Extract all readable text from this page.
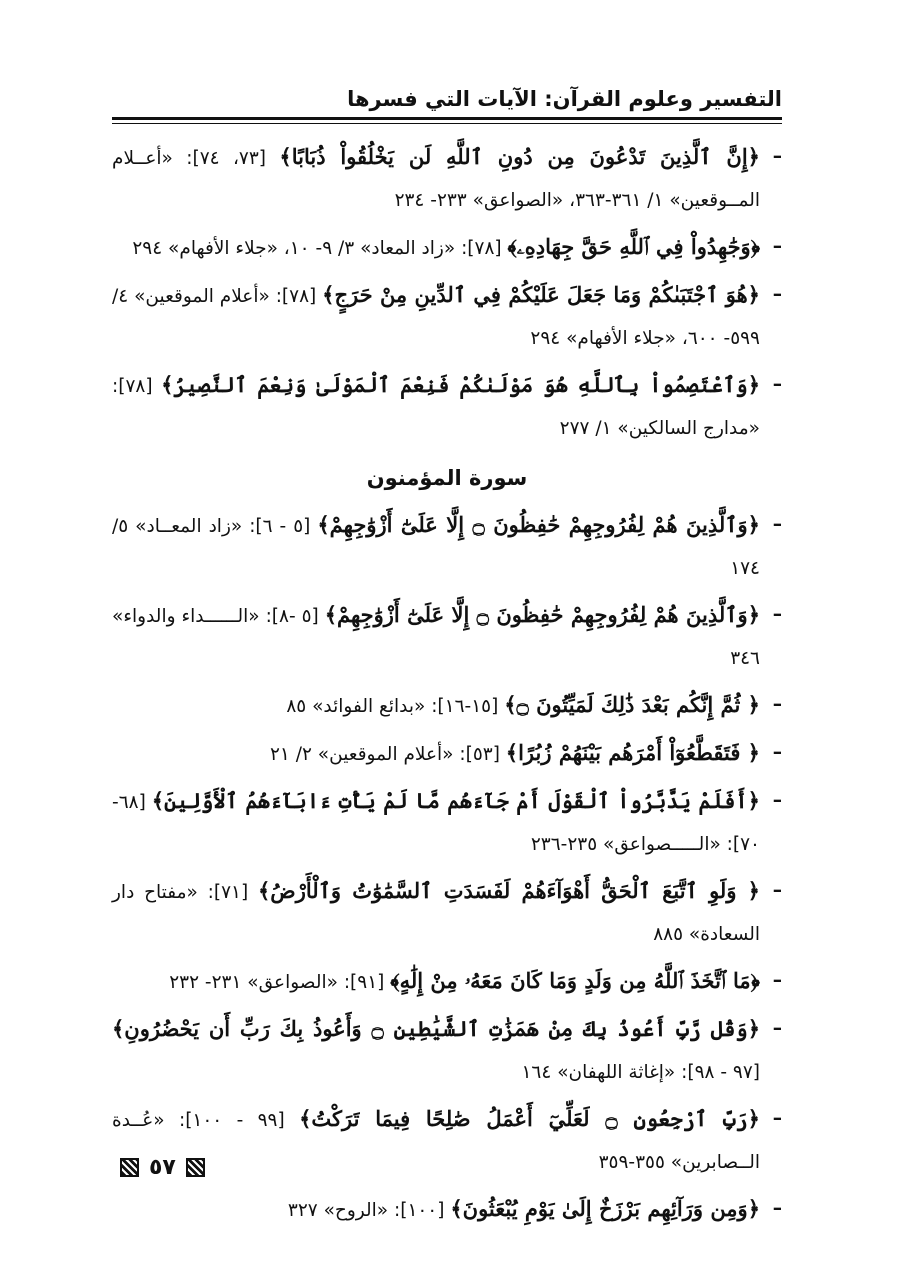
التفسير وعلوم القرآن: الآيات التي فسرها
–
﴿إِنَّ ٱلَّذِينَ تَدْعُونَ مِن دُونِ ٱللَّهِ لَن يَخْلُقُواْ ذُبَابًا﴾ [٧٣، ٧٤]: «أعــلام المــوقعين» ١/ ٣٦١-٣٦٣، «الصواعق» ٢٣٣- ٢٣٤
–
﴿وَجَٰهِدُواْ فِي ٱللَّهِ حَقَّ جِهَادِهِۦ﴾ [٧٨]: «زاد المعاد» ٣/ ٩- ١٠، «جلاء الأفهام» ٢٩٤
–
﴿هُوَ ٱجْتَبَىٰكُمْ وَمَا جَعَلَ عَلَيْكُمْ فِي ٱلدِّينِ مِنْ حَرَجٍ﴾ [٧٨]: «أعلام الموقعين» ٤/ ٥٩٩- ٦٠٠، «جلاء الأفهام» ٢٩٤
–
﴿وَٱعْتَصِمُواْ بِٱللَّهِ هُوَ مَوْلَىٰكُمْ فَنِعْمَ ٱلْمَوْلَىٰ وَنِعْمَ ٱلنَّصِيرُ﴾ [٧٨]: «مدارج السالكين» ١/ ٢٧٧
سورة المؤمنون
–
﴿وَٱلَّذِينَ هُمْ لِفُرُوجِهِمْ حَٰفِظُونَ ۝ إِلَّا عَلَىٰٓ أَزْوَٰجِهِمْ﴾ [٥ - ٦]: «زاد المعــاد» ٥/ ١٧٤
–
﴿وَٱلَّذِينَ هُمْ لِفُرُوجِهِمْ حَٰفِظُونَ ۝ إِلَّا عَلَىٰٓ أَزْوَٰجِهِمْ﴾ [٥ -٨]: «الــــــداء والدواء» ٣٤٦
–
﴿ ثُمَّ إِنَّكُم بَعْدَ ذَٰلِكَ لَمَيِّتُونَ ۝﴾ [١٥-١٦]: «بدائع الفوائد» ٨٥
–
﴿ فَتَقَطَّعُوٓاْ أَمْرَهُم بَيْنَهُمْ زُبُرًا﴾ [٥٣]: «أعلام الموقعين» ٢/ ٢١
–
﴿أَفَلَمْ يَدَّبَّرُواْ ٱلْقَوْلَ أَمْ جَآءَهُم مَّا لَمْ يَأْتِ ءَابَآءَهُمُ ٱلْأَوَّلِينَ﴾ [٦٨- ٧٠]: «الـــــصواعق» ٢٣٥-٢٣٦
–
﴿ وَلَوِ ٱتَّبَعَ ٱلْحَقُّ أَهْوَآءَهُمْ لَفَسَدَتِ ٱلسَّمَٰوَٰتُ وَٱلْأَرْضُ﴾ [٧١]: «مفتاح دار السعادة» ٨٨٥
–
﴿مَا ٱتَّخَذَ ٱللَّهُ مِن وَلَدٍ وَمَا كَانَ مَعَهُۥ مِنْ إِلَٰهٍ﴾ [٩١]: «الصواعق» ٢٣١- ٢٣٢
–
﴿وَقُل رَّبِّ أَعُوذُ بِكَ مِنْ هَمَزَٰتِ ٱلشَّيَٰطِينِ ۝ وَأَعُوذُ بِكَ رَبِّ أَن يَحْضُرُونِ﴾ [٩٧ - ٩٨]: «إغاثة اللهفان» ١٦٤
–
﴿رَبِّ ٱرْجِعُونِ ۝ لَعَلِّيٓ أَعْمَلُ صَٰلِحًا فِيمَا تَرَكْتُ﴾ [٩٩ - ١٠٠]: «عُــدة الــصابرين» ٣٥٥-٣٥٩
–
﴿وَمِن وَرَآئِهِم بَرْزَخٌ إِلَىٰ يَوْمِ يُبْعَثُونَ﴾ [١٠٠]: «الروح» ٣٢٧
٥٧
